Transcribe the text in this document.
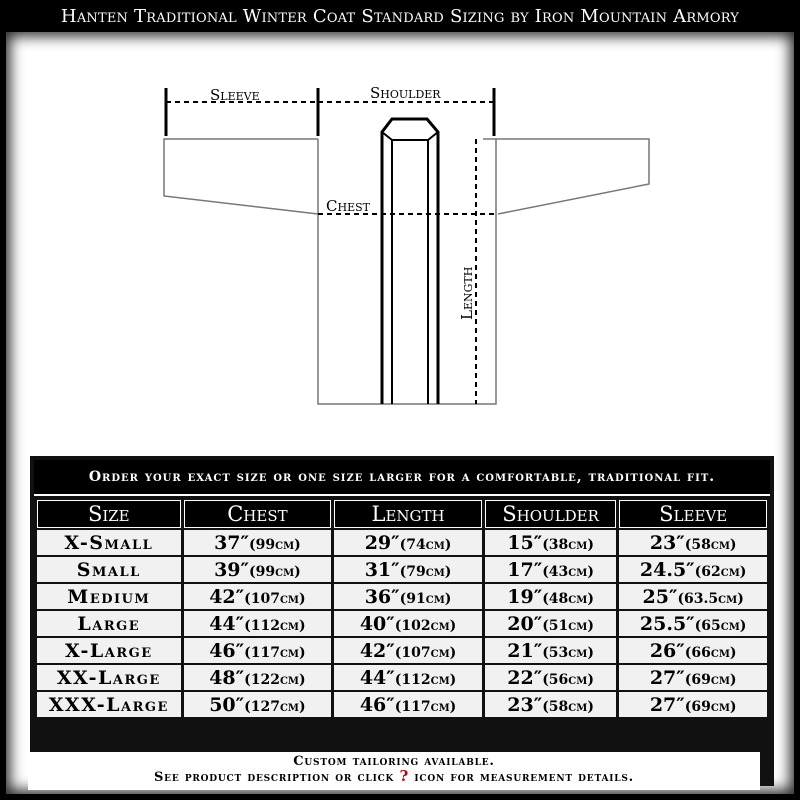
Hanten Traditional Winter Coat Standard Sizing by Iron Mountain Armory
Sleeve	Shoulder
Chest
Length
Order your exact size or one size larger for a comfortable, traditional fit.
Size	Chest	Length	Shoulder	Sleeve
X-Small	37″(99cm)	29″(74cm)	15″(38cm)	23″(58cm)
Small	39″(99cm)	31″(79cm)	17″(43cm)	24.5″(62cm)
Medium	42″(107cm)	36″(91cm)	19″(48cm)	25″(63.5cm)
Large	44″(112cm)	40″(102cm)	20″(51cm)	25.5″(65cm)
X-Large	46″(117cm)	42″(107cm)	21″(53cm)	26″(66cm)
XX-Large	48″(122cm)	44″(112cm)	22″(56cm)	27″(69cm)
XXX-Large	50″(127cm)	46″(117cm)	23″(58cm)	27″(69cm)
Custom tailoring available.
See product description or click ? icon for measurement details.
